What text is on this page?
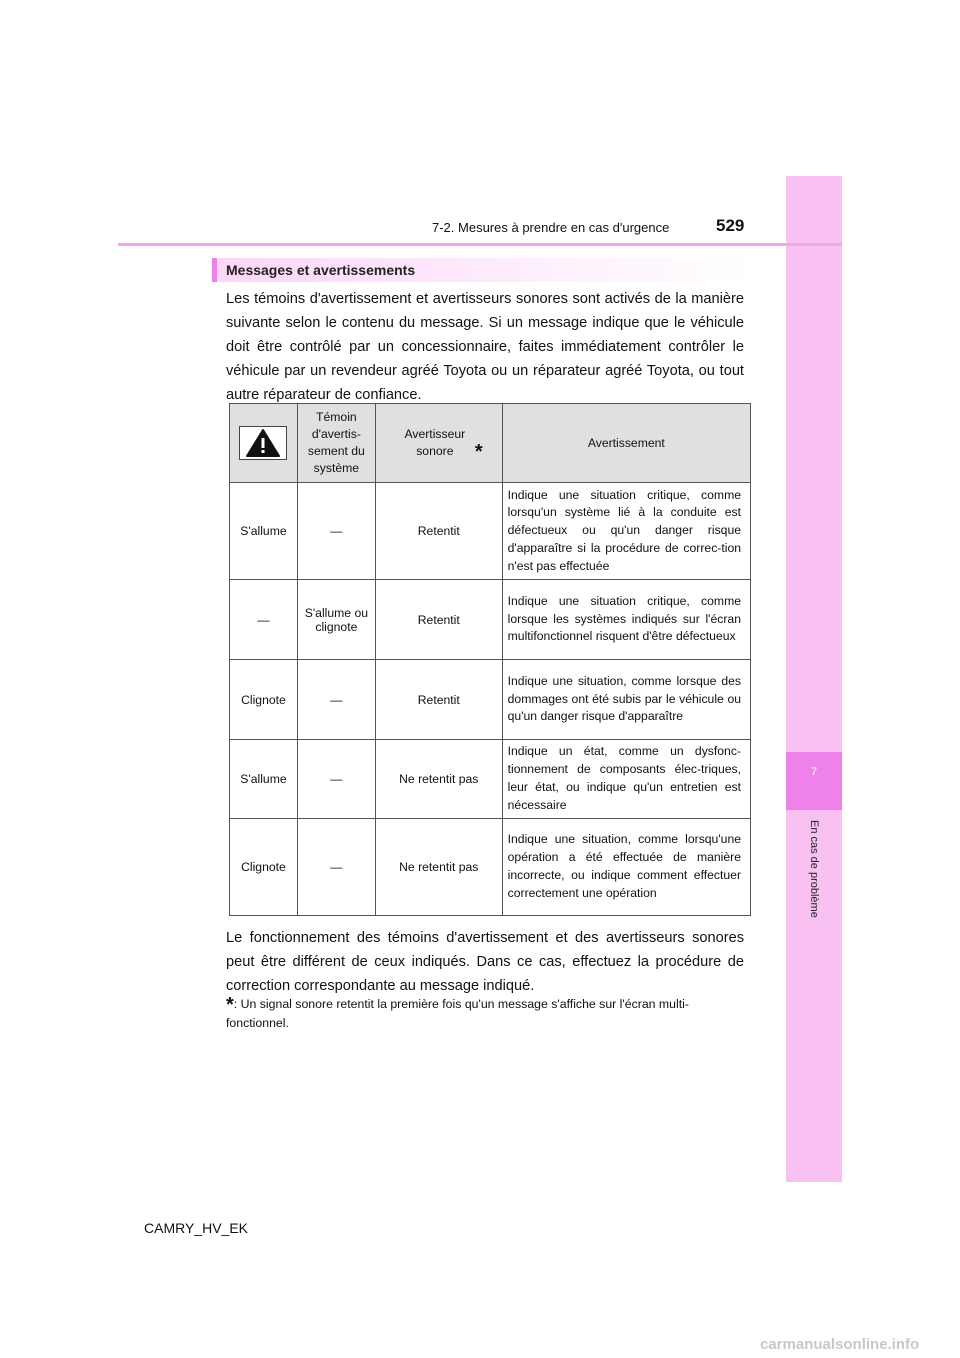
7
En cas de problème
7-2. Mesures à prendre en cas d'urgence	529
Messages et avertissements
Les témoins d'avertissement et avertisseurs sonores sont activés de la manière suivante selon le contenu du message. Si un message indique que le véhicule doit être contrôlé par un concessionnaire, faites immédiatement contrôler le véhicule par un revendeur agréé Toyota ou un réparateur agréé Toyota, ou tout autre réparateur de confiance.
	Témoin d'avertis-sement du système	Avertisseur sonore *	Avertissement
S'allume	—	Retentit	Indique une situation critique, comme lorsqu'un système lié à la conduite est défectueux ou qu'un danger risque d'apparaître si la procédure de correc-tion n'est pas effectuée
—	S'allume ou clignote	Retentit	Indique une situation critique, comme lorsque les systèmes indiqués sur l'écran multifonctionnel risquent d'être défectueux
Clignote	—	Retentit	Indique une situation, comme lorsque des dommages ont été subis par le véhicule ou qu'un danger risque d'apparaître
S'allume	—	Ne retentit pas	Indique un état, comme un dysfonc-tionnement de composants élec-triques, leur état, ou indique qu'un entretien est nécessaire
Clignote	—	Ne retentit pas	Indique une situation, comme lorsqu'une opération a été effectuée de manière incorrecte, ou indique comment effectuer correctement une opération
Le fonctionnement des témoins d'avertissement et des avertisseurs sonores peut être différent de ceux indiqués. Dans ce cas, effectuez la procédure de correction correspondante au message indiqué.
*: Un signal sonore retentit la première fois qu'un message s'affiche sur l'écran multi-fonctionnel.
CAMRY_HV_EK
carmanualsonline.info
